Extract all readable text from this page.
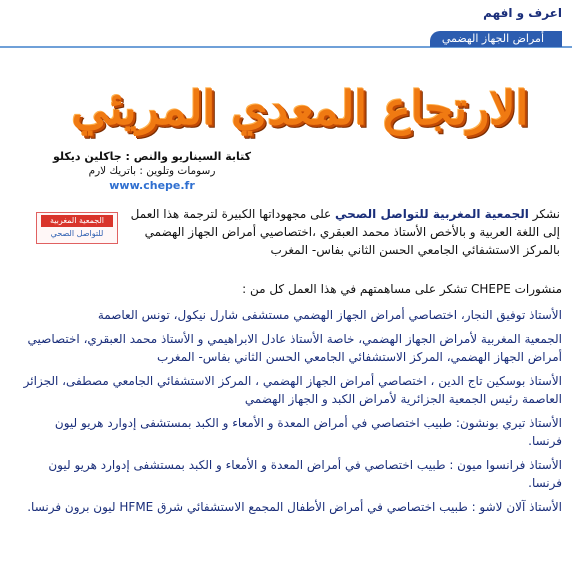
اعرف و افهم
أمراض الجهاز الهضمي
الارتجاع المعدي المريئي
كتابة السيناريو والنص : جاكلين ديكلو
رسومات وتلوين : باتريك لارم
www.chepe.fr
الجمعية المغربية
للتواصل الصحي
نشكر الجمعية المغربية للتواصل الصحي على مجهوداتها الكبيرة لترجمة هذا العمل إلى اللغة العربية و بالأخص الأستاذ محمد العبقري ،اختصاصيي أمراض الجهاز الهضمي بالمركز الاستشفائي الجامعي الحسن الثاني بفاس- المغرب
منشورات CHEPE تشكر على مساهمتهم في هذا العمل كل من :
الأستاذ توفيق النجار، اختصاصي أمراض الجهاز الهضمي مستشفى شارل نيكول، تونس العاصمة
الجمعية المغربية لأمراض الجهاز الهضمي، خاصة الأستاذ عادل الابراهيمي و الأستاذ محمد العبقري، اختصاصيي أمراض الجهاز الهضمي، المركز الاستشفائي الجامعي الحسن الثاني بفاس- المغرب
الأستاذ بوسكين تاج الدين ، اختصاصي أمراض الجهاز الهضمي ، المركز الاستشفائي الجامعي مصطفى، الجزائر العاصمة رئيس الجمعية الجزائرية لأمراض الكبد و الجهاز الهضمي
الأستاذ تيري بونشون: طبيب اختصاصي في أمراض المعدة و الأمعاء و الكبد بمستشفى إدوارد هريو ليون فرنسا.
الأستاذ فرانسوا ميون : طبيب اختصاصي في أمراض المعدة و الأمعاء و الكبد بمستشفى إدوارد هريو ليون فرنسا.
الأستاذ آلان لاشو : طبيب اختصاصي في أمراض الأطفال المجمع الاستشفائي شرق HFME ليون برون فرنسا.
